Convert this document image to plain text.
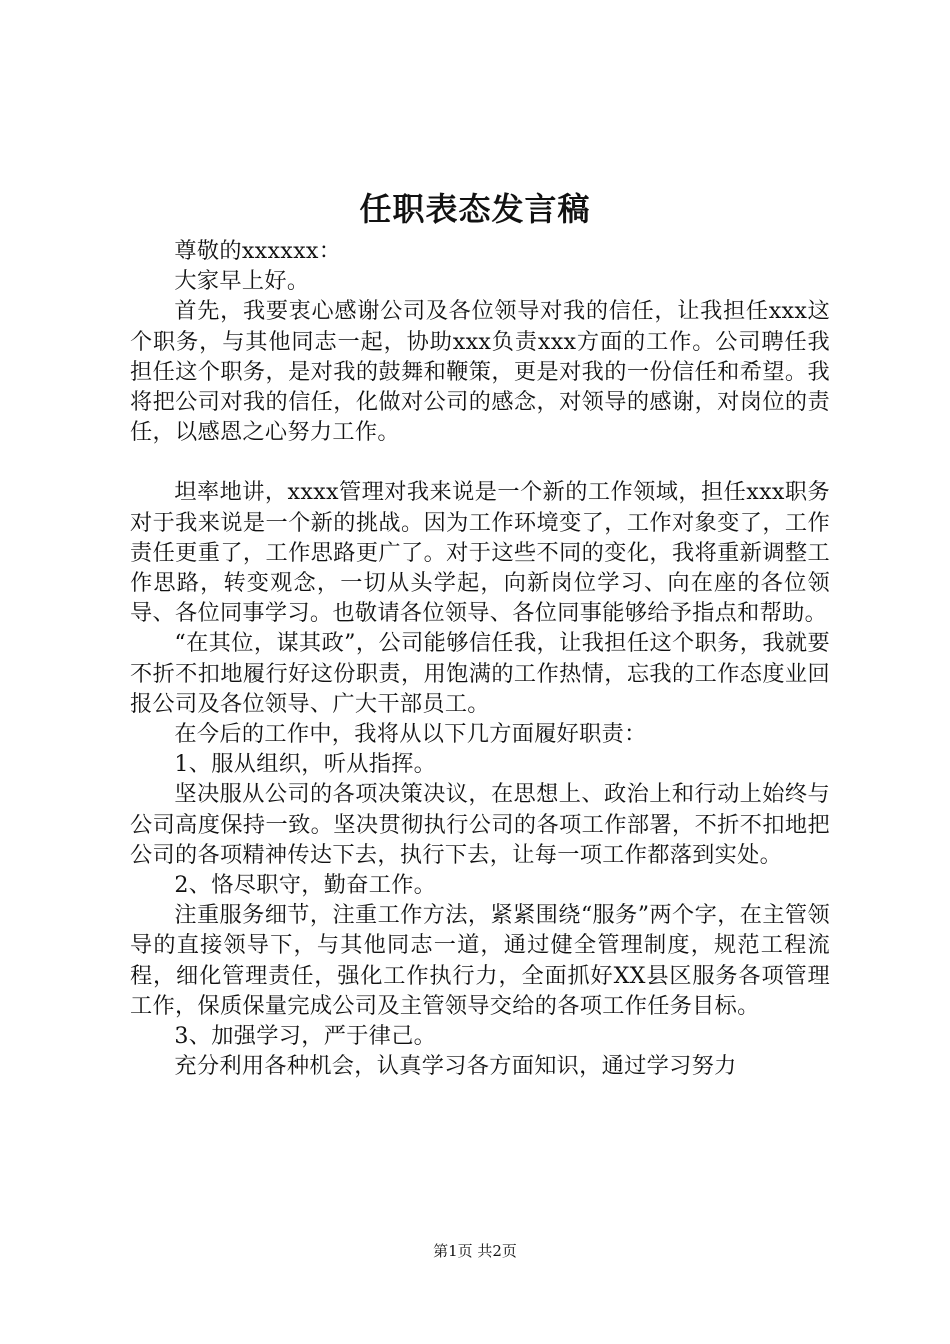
任职表态发言稿

尊敬的xxxxxx：

大家早上好。

首先，我要衷心感谢公司及各位领导对我的信任，让我担任xxx这个职务，与其他同志一起，协助xxx负责xxx方面的工作。公司聘任我担任这个职务，是对我的鼓舞和鞭策，更是对我的一份信任和希望。我将把公司对我的信任，化做对公司的感念，对领导的感谢，对岗位的责任，以感恩之心努力工作。

坦率地讲，xxxx管理对我来说是一个新的工作领域，担任xxx职务对于我来说是一个新的挑战。因为工作环境变了，工作对象变了，工作责任更重了，工作思路更广了。对于这些不同的变化，我将重新调整工作思路，转变观念，一切从头学起，向新岗位学习、向在座的各位领导、各位同事学习。也敬请各位领导、各位同事能够给予指点和帮助。

“在其位，谋其政”，公司能够信任我，让我担任这个职务，我就要不折不扣地履行好这份职责，用饱满的工作热情，忘我的工作态度业回报公司及各位领导、广大干部员工。

在今后的工作中，我将从以下几方面履好职责：

1、服从组织，听从指挥。

坚决服从公司的各项决策决议，在思想上、政治上和行动上始终与公司高度保持一致。坚决贯彻执行公司的各项工作部署，不折不扣地把公司的各项精神传达下去，执行下去，让每一项工作都落到实处。

2、恪尽职守，勤奋工作。

注重服务细节，注重工作方法，紧紧围绕“服务”两个字，在主管领导的直接领导下，与其他同志一道，通过健全管理制度，规范工程流程，细化管理责任，强化工作执行力，全面抓好XX县区服务各项管理工作，保质保量完成公司及主管领导交给的各项工作任务目标。

3、加强学习，严于律己。

充分利用各种机会，认真学习各方面知识，通过学习努力

第1页 共2页
